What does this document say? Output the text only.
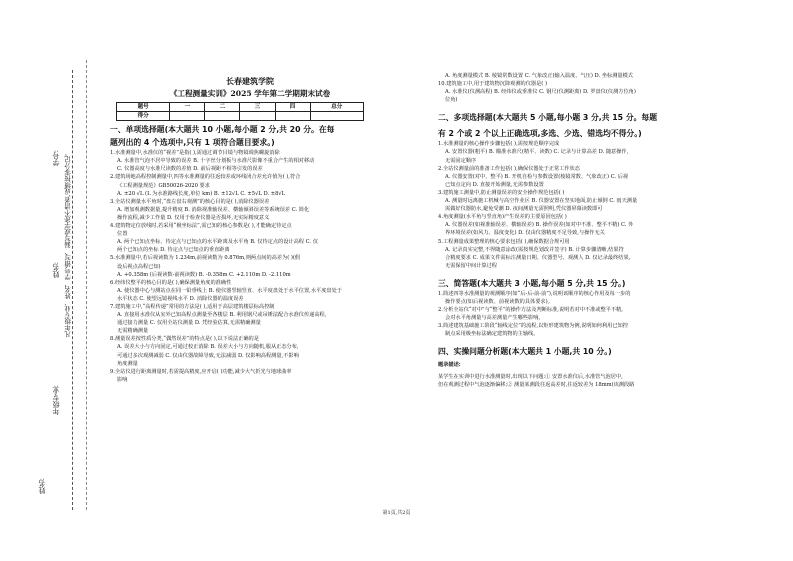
学号:
姓名:
年级专业:
凡年级专业、姓名、学号错写、漏写或字迹不清者,成绩按零分记。
姓名:
长春建筑学院
《工程测量实训》2025 学年第二学期期末试卷
题号	一	二	三	四	总分
得分					
一、单项选择题(本大题共 10 小题,每小题 2 分,共 20 分。在每
题列出的 4 个选项中,只有 1 项符合题目要求。)

1.水准测量中,水准仪的“视差”是指( ),需通过调节目镜与物镜调焦螺旋消除

A. 水准管气泡不居中导致的误差 B. 十字丝分划板与水准尺影像不重合产生的相对移动

C. 仪器高度与水准尺读数的差值 D. 前后视距不相等引发的误差

2.建筑场地高程控制测量中,四等水准测量的往返较差或环线闭合差允许值为( ),符合

《工程测量规范》GB50026-2020 要求

A. ±20 √L (L 为水准路线长度,单位 km) B. ±12√L C. ±5√L D. ±8√L

3.全站仪测量水平角时,“盘左盘右观测”的核心目的是( ),消除仪器误差

A. 增加观测数据量,提升精度 B. 消除视准轴误差、横轴倾斜误差等系统误差 C. 简化

操作流程,减少工作量 D. 仅用于检查仪器是否损坏,无实际精度意义

4.建筑物定位放线时,若采用“极坐标法”,需已知的核心参数是( ),才能确定待定点

位置

A. 两个已知点坐标、待定点与已知点的水平距离及水平角 B. 仅待定点的设计高程 C. 仅

两个已知点的坐标 D. 待定点与已知点的垂直距离

5.水准测量中,若后视读数为 1.234m,前视读数为 0.876m,则两点间的高差为( )(假

设后视点高程已知)

A. +0.358m (后视读数-前视读数) B. -0.358m C. +2.110m D. -2.110m

6.经纬仪整平的核心目的是( ),确保测量角度的准确性

A. 使仪器中心与测站点在同一铅垂线上 B. 使仪器竖轴竖直、水平度盘处于水平位置,水平度盘处于

水平状态 C. 使望远镜视线水平 D. 消除仪器的温度误差

7.建筑施工中,“高程传递”常用的方法是( ),适用于高层建筑楼层标高控制

A. 直接用水准仪从室外已知高程点测量至各楼层 B. 利用钢尺或吊锤法配合水准仪传递高程,

通过接力测量 C. 仅用全站仪测量 D. 凭经验估算,无需精确测量

无需精确测量

8.测量误差按性质分类,“偶然误差”的特点是( ),以下说法正确的是

A. 误差大小与方向固定,可通过校正消除 B. 误差大小与方向随机,服从正态分布,

可通过多次观测减弱 C. 仅由仪器故障导致,无法减弱 D. 仅影响高程测量,不影响

角度测量

9.全站仪进行距离测量时,若需提高精度,应开启( )功能,减少大气折光与地球曲率

影响

A. 角度测量模式 B. 棱镜常数设置 C. 气象改正(输入温度、气压) D. 坐标测量模式

10.建筑施工中,用于建筑物沉降观测的仪器是( )

A. 水准仪(仪测高程) B. 经纬仪或垂准仪 C. 钢尺(仪测距离) D. 罗盘仪(仪测方位角)

位角)

二、多项选择题(本大题共 5 小题,每小题 3 分,共 15 分。每题
有 2 个或 2 个以上正确选项,多选、少选、错选均不得分。)

1.水准测量的核心操作步骤包括( ),需按规范顺序完成

A. 安置仪器(粗平) B. 瞄准水准尺(精平、读数) C. 记录与计算高差 D. 随意操作,

无需固定顺序

2.全站仪测量前的准备工作包括( ),确保仪器处于正常工作状态

A. 仪器安置(对中、整平) B. 开机自检与参数设置(棱镜常数、气象改正) C. 后视

已知点定向 D. 直接开始测量,无需参数设置

3.建筑施工测量中,防止测量误差的安全操作规范包括( )

A. 测量时远离施工机械与高空作业区 B. 仪器安置在坚实地面,防止倾倒 C. 雨天测量

需做好仪器防水,避免受潮 D. 夜间测量无需照明,凭仪器屏幕读数即可

4.角度测量(水平角与竖直角)产生误差的主要原因包括( )

A. 仪器误差(如视准轴误差、横轴误差) B. 操作误差(如对中不准、整平不精) C. 外

界环境误差(如风力、温度变化) D. 仅由仪器精度不足导致,与操作无关

5.工程测量成果整理的核心要求包括( ),确保数据合规可用

A. 记录真实完整,不得随意涂改(需按规范划改并签字) B. 计算步骤清晰,结果符

合精度要求 C. 成果文件需标注测量日期、仪器型号、观测人 D. 仅记录最终结果,

无需保留中间计算过程

三、简答题(本大题共 3 小题,每小题 5 分,共 15 分。)

1.简述四等水准测量的观测顺序(如“后-后-前-前”),说明该顺序的核心作用及每一步的

操作要点(如后视读数、前视读数的具体要求)。

2.分析全站仪“对中”与“整平”的操作方法及判断标准,说明若对中不准或整平不精,

会对水平角测量与高差测量产生哪些影响。

3.简述建筑基础施工阶段“轴线定位”的流程,以矩形建筑物为例,说明如何利用已知控

制点采用极坐标法确定建筑物的主轴线。

四、实操问题分析题(本大题共 1 小题,共 10 分。)

题录描述:

某学生在实训中进行水准测量时,出现以下问题:① 安置水准仪后,水准管气泡居中,

但在观测过程中气泡逐渐偏移;② 测量某测段往返高差时,往返较差为 18mm(该测段路

第1页,共2页
